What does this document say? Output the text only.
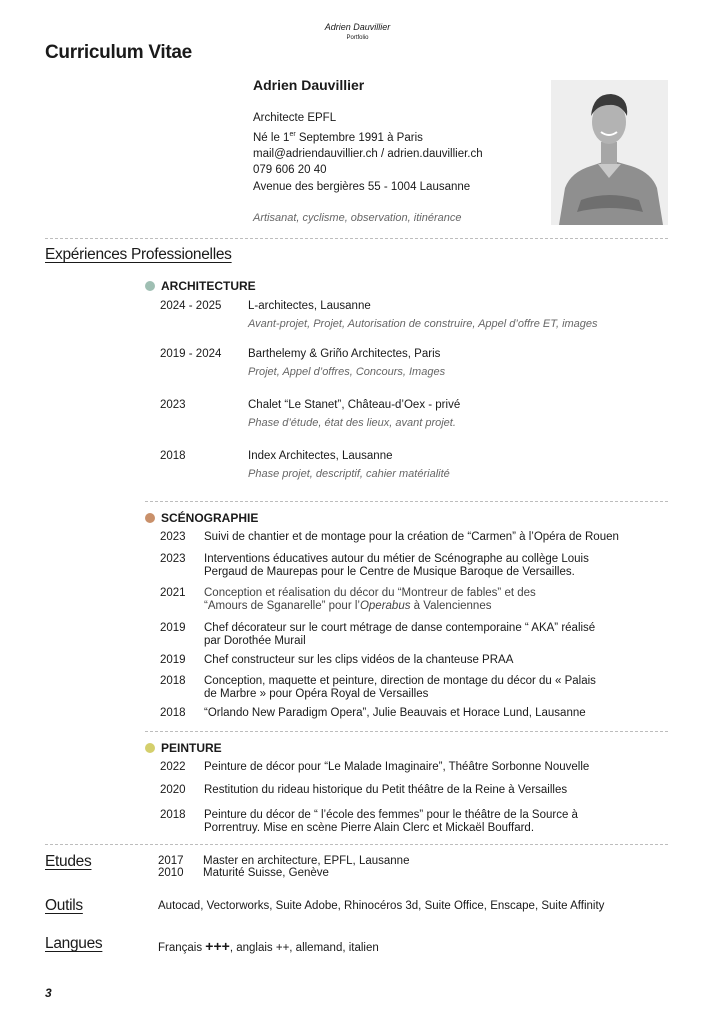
Adrien Dauvillier
Portfolio
Curriculum Vitae
Adrien Dauvillier
Architecte EPFL
Né le 1er Septembre 1991 à Paris
mail@adriendauvillier.ch / adrien.dauvillier.ch
079 606 20 40
Avenue des bergières 55 - 1004 Lausanne
Artisanat, cyclisme, observation, itinérance
Expériences Professionelles
ARCHITECTURE
2024 - 2025 L-architectes, Lausanne
Avant-projet, Projet, Autorisation de construire, Appel d’offre ET, images
2019 - 2024 Barthelemy & Griño Architectes, Paris
Projet, Appel d’offres, Concours, Images
2023	Chalet “Le Stanet”, Château-d’Oex - privé
Phase d’étude, état des lieux, avant projet.
2018	Index Architectes, Lausanne
Phase projet, descriptif, cahier matérialité
SCÉNOGRAPHIE
2023 Suivi de chantier et de montage pour la création de “Carmen” à l’Opéra de Rouen
2023 Interventions éducatives autour du métier de Scénographe au collège Louis Pergaud de Maurepas pour le Centre de Musique Baroque de Versailles.
2021 Conception et réalisation du décor du “Montreur de fables” et des “Amours de Sganarelle” pour l’Operabus à Valenciennes
2019 Chef décorateur sur le court métrage de danse contemporaine “ AKA” réalisé par Dorothée Murail
2019 Chef constructeur sur les clips vidéos de la chanteuse PRAA
2018 Conception, maquette et peinture, direction de montage du décor du « Palais de Marbre » pour Opéra Royal de Versailles
2018 “Orlando New Paradigm Opera”, Julie Beauvais et Horace Lund, Lausanne
PEINTURE
2022 Peinture de décor pour “Le Malade Imaginaire”, Théâtre Sorbonne Nouvelle
2020 Restitution du rideau historique du Petit théâtre de la Reine à Versailles
2018 Peinture du décor de “ l’école des femmes” pour le théâtre de la Source à Porrentruy. Mise en scène Pierre Alain Clerc et Mickaël Bouffard.
Etudes	2017 Master en architecture, EPFL, Lausanne
2010 Maturité Suisse, Genève
Outils	Autocad, Vectorworks, Suite Adobe, Rhinocéros 3d, Suite Office, Enscape, Suite Affinity
Langues	Français +++, anglais ++, allemand, italien
3
